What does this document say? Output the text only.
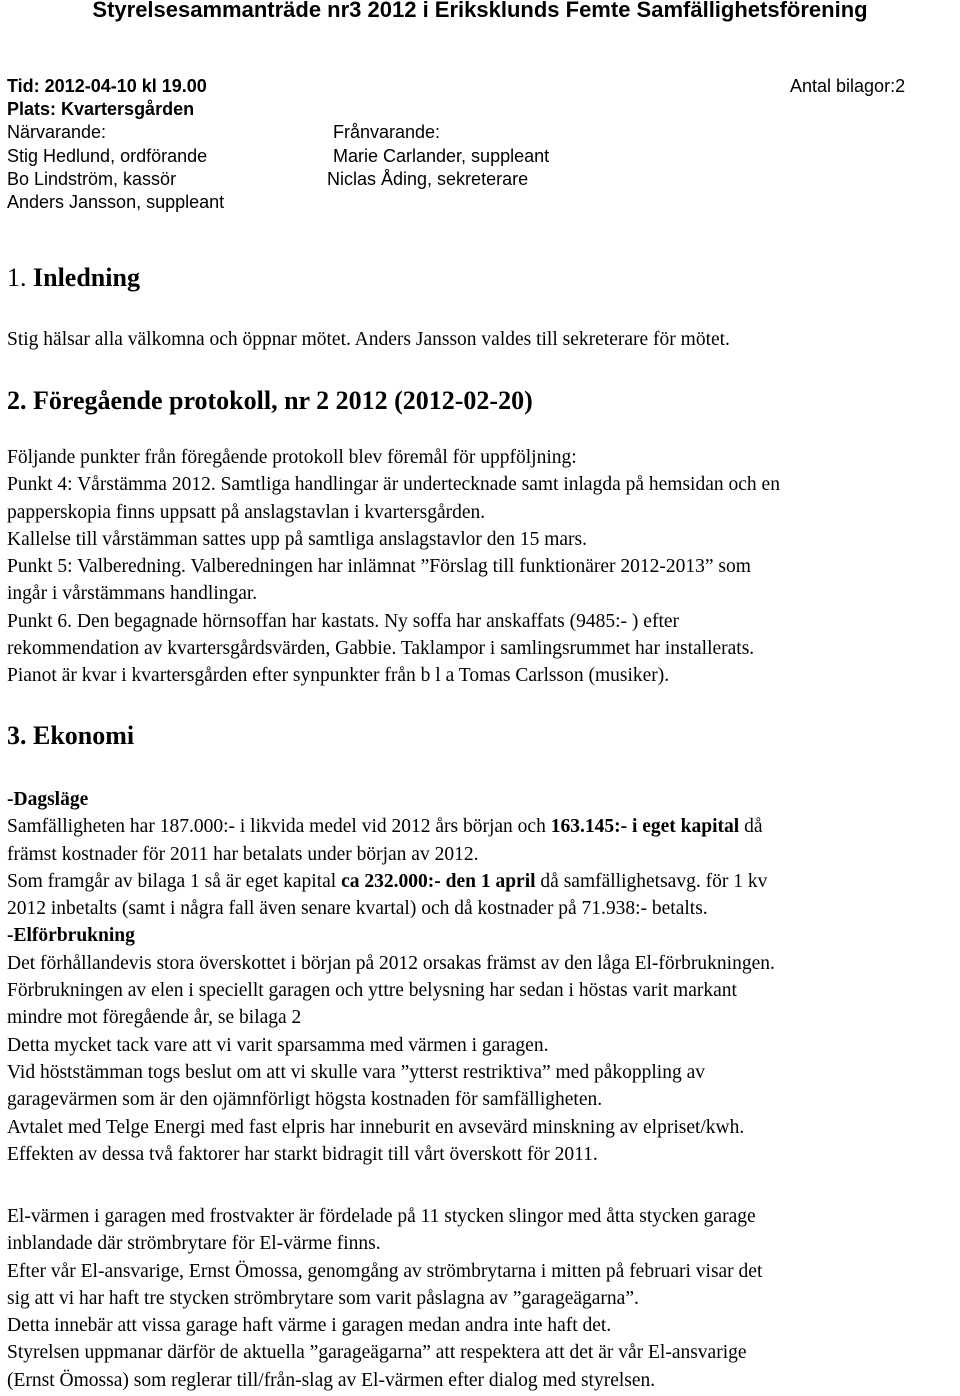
Styrelsesammanträde nr3 2012 i Eriksklunds Femte Samfällighetsförening
Tid: 2012-04-10 kl 19.00	Antal bilagor:2
Plats: Kvartersgården
Närvarande:
Stig Hedlund, ordförande
Bo Lindström, kassör
Anders Jansson, suppleant
Frånvarande:
Marie Carlander, suppleant
Niclas Åding, sekreterare
1. Inledning
Stig hälsar alla välkomna och öppnar mötet. Anders Jansson valdes till sekreterare för mötet.
2. Föregående protokoll, nr 2 2012 (2012-02-20)

Följande punkter från föregående protokoll blev föremål för uppföljning:

Punkt 4: Vårstämma 2012. Samtliga handlingar är undertecknade samt inlagda på hemsidan och en

papperskopia finns uppsatt på anslagstavlan i kvartersgården.

Kallelse till vårstämman sattes upp på samtliga anslagstavlor den 15 mars.

Punkt 5: Valberedning. Valberedningen har inlämnat ”Förslag till funktionärer 2012-2013” som

ingår i vårstämmans handlingar.

Punkt 6. Den begagnade hörnsoffan har kastats. Ny soffa har anskaffats (9485:- ) efter

rekommendation av kvartersgårdsvärden, Gabbie. Taklampor i samlingsrummet har installerats.

Pianot är kvar i kvartersgården efter synpunkter från b l a Tomas Carlsson (musiker).

3. Ekonomi

-Dagsläge

Samfälligheten har 187.000:- i likvida medel vid 2012 års början och 163.145:- i eget kapital då

främst kostnader för 2011 har betalats under början av 2012.

Som framgår av bilaga 1 så är eget kapital ca 232.000:- den 1 april då samfällighetsavg. för 1 kv

2012 inbetalts (samt i några fall även senare kvartal) och då kostnader på 71.938:- betalts.

-Elförbrukning

Det förhållandevis stora överskottet i början på 2012 orsakas främst av den låga El-förbrukningen.

Förbrukningen av elen i speciellt garagen och yttre belysning har sedan i höstas varit markant

mindre mot föregående år, se bilaga 2

Detta mycket tack vare att vi varit sparsamma med värmen i garagen.

Vid höststämman togs beslut om att vi skulle vara ”ytterst restriktiva” med påkoppling av

garagevärmen som är den ojämnförligt högsta kostnaden för samfälligheten.

Avtalet med Telge Energi med fast elpris har inneburit en avsevärd minskning av elpriset/kwh.

Effekten av dessa två faktorer har starkt bidragit till vårt överskott för 2011.

El-värmen i garagen med frostvakter är fördelade på 11 stycken slingor med åtta stycken garage

inblandade där strömbrytare för El-värme finns.

Efter vår El-ansvarige, Ernst Ömossa, genomgång av strömbrytarna i mitten på februari visar det

sig att vi har haft tre stycken strömbrytare som varit påslagna av ”garageägarna”.

Detta innebär att vissa garage haft värme i garagen medan andra inte haft det.

Styrelsen uppmanar därför de aktuella ”garageägarna” att respektera att det är vår El-ansvarige

(Ernst Ömossa) som reglerar till/från-slag av El-värmen efter dialog med styrelsen.
